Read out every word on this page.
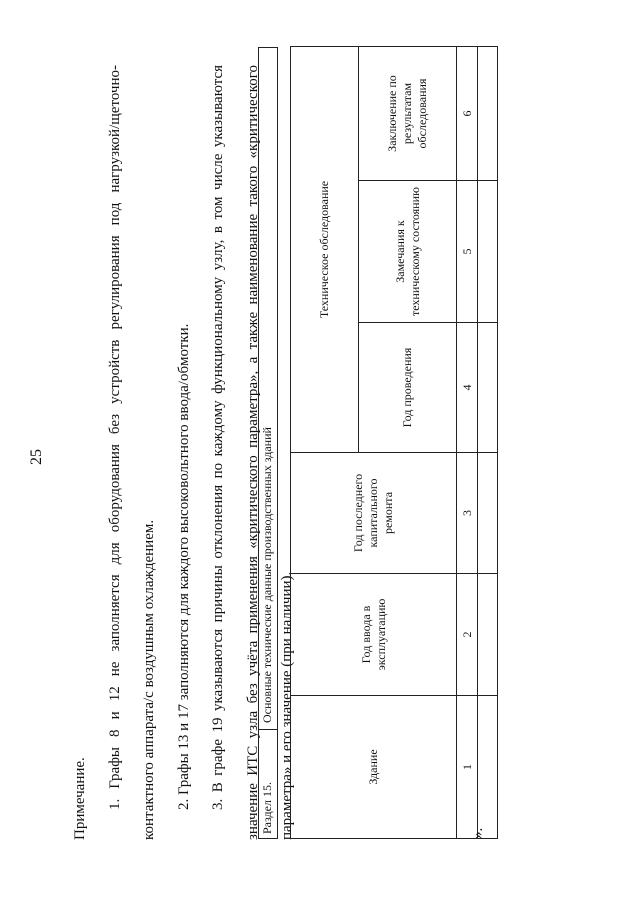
25

Примечание.	1. Графы 8 и 12 не заполняется для оборудования без устройств регулирования под нагрузкой/щеточно-	контактного аппарата/с воздушным охлаждением.	2. Графы 13 и 17 заполняются для каждого высоковольтного ввода/обмотки.	3. В графе 19 указываются причины отклонения по каждому функциональному узлу, в том числе указываются	значение ИТС узла без учёта применения «критического параметра», а также наименование такого «критического	параметра» и его значение (при наличии).

Раздел 15.
Основные технические данные производственных зданий
Здание	Год ввода в эксплуатацию	Год последнего капитального ремонта	Техническое обследование		
			Год проведения	Замечания к техническому состоянию	Заключение по результатам обследования
1	2	3	4	5	6

».
